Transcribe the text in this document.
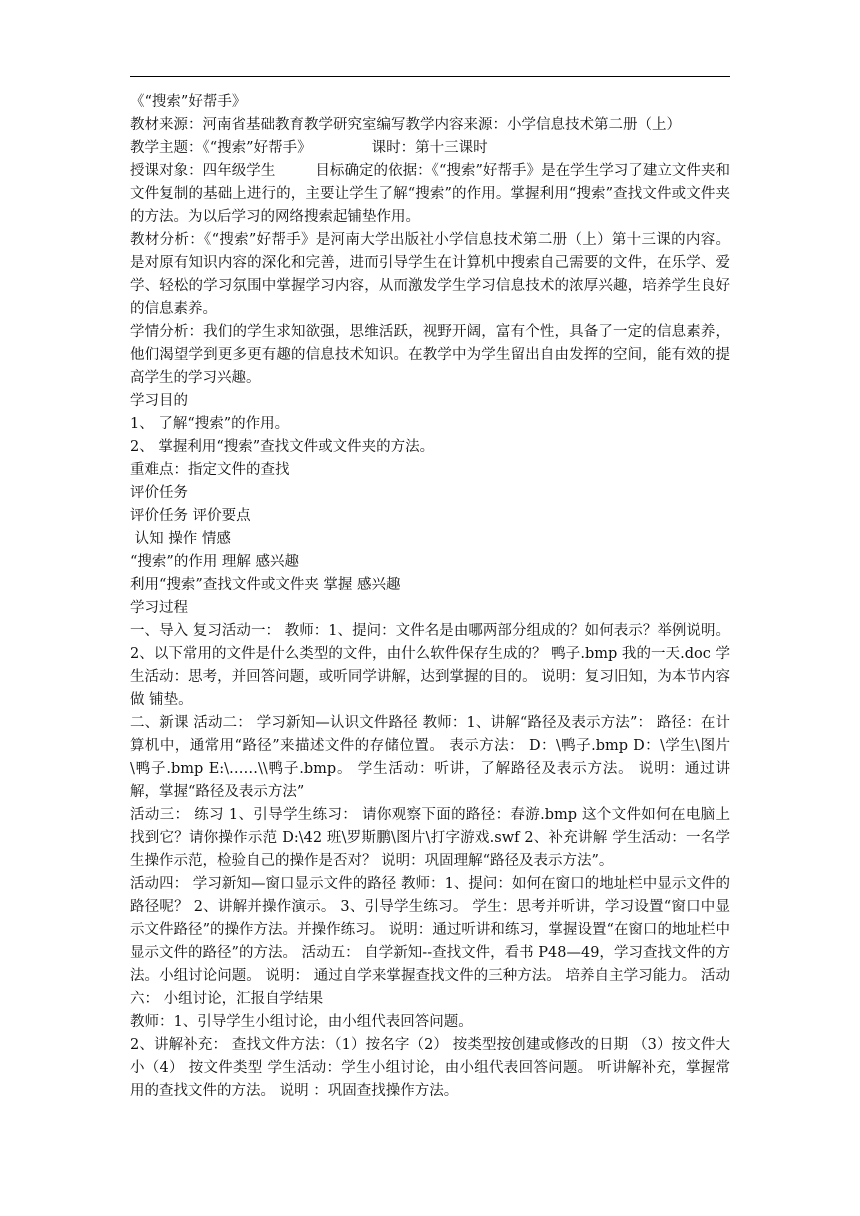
《“搜索”好帮手》

教材来源：河南省基础教育教学研究室编写教学内容来源：小学信息技术第二册（上）

教学主题：《“搜索”好帮手》	课时：第十三课时

授课对象：四年级学生	目标确定的依据：《“搜索”好帮手》是在学生学习了建立文件夹和文件复制的基础上进行的，主要让学生了解“搜索”的作用。掌握利用“搜索”查找文件或文件夹的方法。为以后学习的网络搜索起铺垫作用。

教材分析：《“搜索”好帮手》是河南大学出版社小学信息技术第二册（上）第十三课的内容。是对原有知识内容的深化和完善，进而引导学生在计算机中搜索自己需要的文件，在乐学、爱学、轻松的学习氛围中掌握学习内容，从而激发学生学习信息技术的浓厚兴趣，培养学生良好的信息素养。

学情分析：我们的学生求知欲强，思维活跃，视野开阔，富有个性，具备了一定的信息素养，他们渴望学到更多更有趣的信息技术知识。在教学中为学生留出自由发挥的空间，能有效的提高学生的学习兴趣。

学习目的

1、 了解“搜索”的作用。

2、 掌握利用“搜索”查找文件或文件夹的方法。

重难点：指定文件的查找

评价任务

评价任务 评价要点

认知 操作 情感

“搜索”的作用 理解 感兴趣

利用“搜索”查找文件或文件夹 掌握 感兴趣

学习过程

一、导入 复习活动一： 教师：1、提问：文件名是由哪两部分组成的？如何表示？举例说明。 2、以下常用的文件是什么类型的文件，由什么软件保存生成的？ 鸭子.bmp 我的一天.doc 学生活动：思考，并回答问题，或听同学讲解，达到掌握的目的。 说明：复习旧知，为本节内容做 铺垫。

二、新课 活动二： 学习新知—认识文件路径 教师：1、讲解“路径及表示方法”： 路径：在计算机中，通常用“路径”来描述文件的存储位置。 表示方法： D：\鸭子.bmp D：\学生\图片\鸭子.bmp E:\……\\鸭子.bmp。 学生活动：听讲，了解路径及表示方法。 说明：通过讲解，掌握“路径及表示方法”

活动三： 练习 1、引导学生练习： 请你观察下面的路径：春游.bmp 这个文件如何在电脑上找到它？请你操作示范 D:\42 班\罗斯鹏\图片\打字游戏.swf 2、补充讲解 学生活动：一名学生操作示范，检验自己的操作是否对？ 说明：巩固理解“路径及表示方法”。

活动四： 学习新知—窗口显示文件的路径 教师：1、提问：如何在窗口的地址栏中显示文件的路径呢？ 2、讲解并操作演示。 3、引导学生练习。 学生：思考并听讲，学习设置“窗口中显示文件路径”的操作方法。并操作练习。 说明：通过听讲和练习，掌握设置“在窗口的地址栏中显示文件的路径”的方法。 活动五： 自学新知--查找文件，看书 P48—49，学习查找文件的方法。小组讨论问题。 说明： 通过自学来掌握查找文件的三种方法。 培养自主学习能力。 活动六： 小组讨论，汇报自学结果

教师：1、引导学生小组讨论，由小组代表回答问题。

2、讲解补充： 查找文件方法：（1）按名字（2） 按类型按创建或修改的日期 （3）按文件大小（4） 按文件类型 学生活动：学生小组讨论，由小组代表回答问题。 听讲解补充，掌握常用的查找文件的方法。 说明 ：巩固查找操作方法。
